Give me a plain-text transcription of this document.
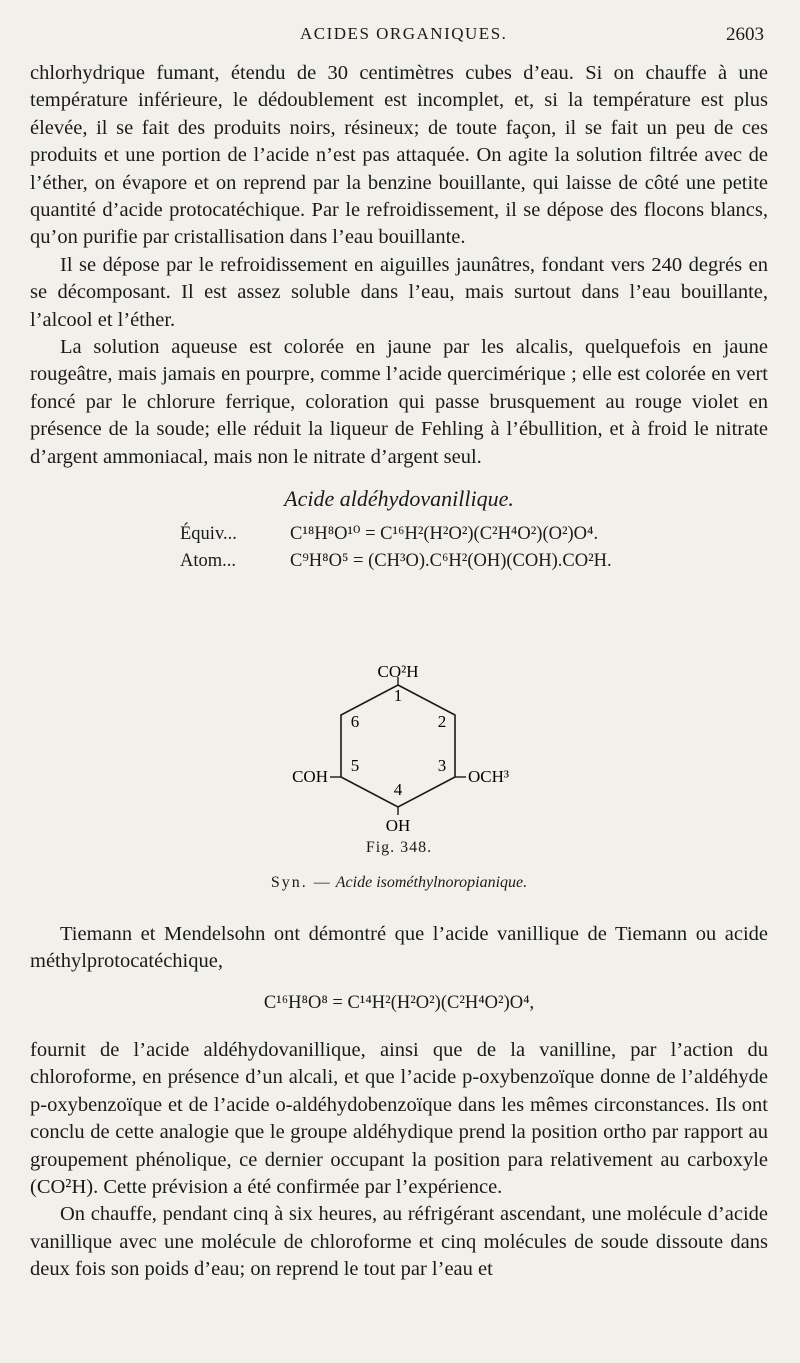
ACIDES ORGANIQUES.	2603

chlorhydrique fumant, étendu de 30 centimètres cubes d’eau. Si on chauffe à une température inférieure, le dédoublement est incomplet, et, si la température est plus élevée, il se fait des produits noirs, résineux; de toute façon, il se fait un peu de ces produits et une portion de l’acide n’est pas attaquée. On agite la solution filtrée avec de l’éther, on évapore et on reprend par la benzine bouillante, qui laisse de côté une petite quantité d’acide protocatéchique. Par le refroidissement, il se dépose des flocons blancs, qu’on purifie par cristallisation dans l’eau bouillante.

Il se dépose par le refroidissement en aiguilles jaunâtres, fondant vers 240 degrés en se décomposant. Il est assez soluble dans l’eau, mais surtout dans l’eau bouillante, l’alcool et l’éther.

La solution aqueuse est colorée en jaune par les alcalis, quelquefois en jaune rougeâtre, mais jamais en pourpre, comme l’acide quercimérique ; elle est colorée en vert foncé par le chlorure ferrique, coloration qui passe brusquement au rouge violet en présence de la soude; elle réduit la liqueur de Fehling à l’ébullition, et à froid le nitrate d’argent ammoniacal, mais non le nitrate d’argent seul.

Acide aldéhydovanillique.
Équiv...	C¹⁸H⁸O¹⁰ = C¹⁶H²(H²O²)(C²H⁴O²)(O²)O⁴.
Atom...	C⁹H⁸O⁵ = (CH³O).C⁶H²(OH)(COH).CO²H.
CO²H
COH	OCH³
OH
1
2
3
4
5
6
Fig. 348.
Syn. — Acide isométhylnoropianique.

Tiemann et Mendelsohn ont démontré que l’acide vanillique de Tiemann ou acide méthylprotocatéchique,

C¹⁶H⁸O⁸ = C¹⁴H²(H²O²)(C²H⁴O²)O⁴,

fournit de l’acide aldéhydovanillique, ainsi que de la vanilline, par l’action du chloroforme, en présence d’un alcali, et que l’acide p-oxybenzoïque donne de l’aldéhyde p-oxybenzoïque et de l’acide o-aldéhydobenzoïque dans les mêmes circonstances. Ils ont conclu de cette analogie que le groupe aldéhydique prend la position ortho par rapport au groupement phénolique, ce dernier occupant la position para relativement au carboxyle (CO²H). Cette prévision a été confirmée par l’expérience.

On chauffe, pendant cinq à six heures, au réfrigérant ascendant, une molécule d’acide vanillique avec une molécule de chloroforme et cinq molécules de soude dissoute dans deux fois son poids d’eau; on reprend le tout par l’eau et
